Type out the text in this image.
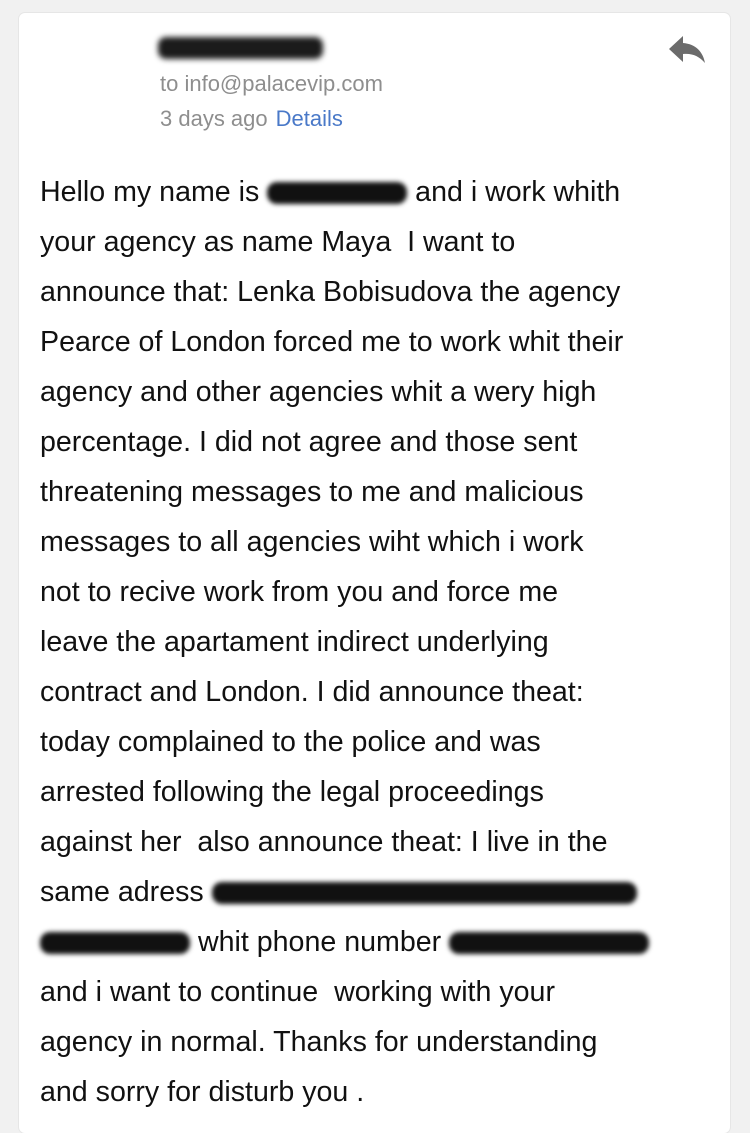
to info@palacevip.com
3 days ago Details
Hello my name is	and i work whith
your agency as name Maya  I want to
announce that: Lenka Bobisudova the agency
Pearce of London forced me to work whit their
agency and other agencies whit a wery high
percentage. I did not agree and those sent
threatening messages to me and malicious
messages to all agencies wiht which i work
not to recive work from you and force me
leave the apartament indirect underlying
contract and London. I did announce theat:
today complained to the police and was
arrested following the legal proceedings
against her  also announce theat: I live in the
same adress
whit phone number
and i want to continue  working with your
agency in normal. Thanks for understanding
and sorry for disturb you .
